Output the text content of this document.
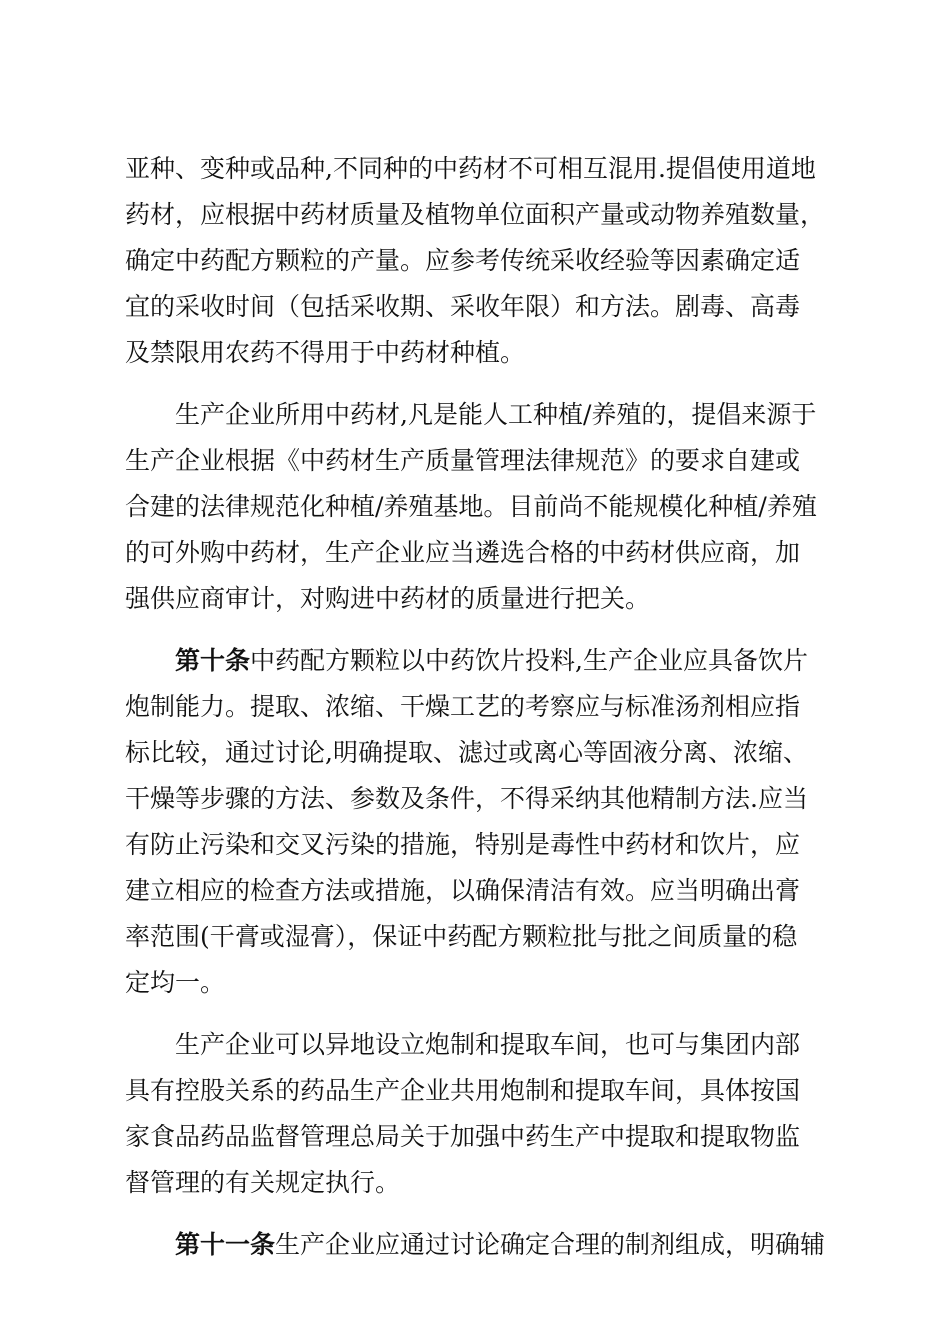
亚种、变种或品种,不同种的中药材不可相互混用.提倡使用道地
药材，应根据中药材质量及植物单位面积产量或动物养殖数量，
确定中药配方颗粒的产量。应参考传统采收经验等因素确定适
宜的采收时间（包括采收期、采收年限）和方法。剧毒、高毒
及禁限用农药不得用于中药材种植。
生产企业所用中药材,凡是能人工种植/养殖的，提倡来源于
生产企业根据《中药材生产质量管理法律规范》的要求自建或
合建的法律规范化种植/养殖基地。目前尚不能规模化种植/养殖
的可外购中药材，生产企业应当遴选合格的中药材供应商，加
强供应商审计，对购进中药材的质量进行把关。
第十条中药配方颗粒以中药饮片投料,生产企业应具备饮片
炮制能力。提取、浓缩、干燥工艺的考察应与标准汤剂相应指
标比较，通过讨论,明确提取、滤过或离心等固液分离、浓缩、
干燥等步骤的方法、参数及条件，不得采纳其他精制方法.应当
有防止污染和交叉污染的措施，特别是毒性中药材和饮片，应
建立相应的检查方法或措施，以确保清洁有效。应当明确出膏
率范围(干膏或湿膏），保证中药配方颗粒批与批之间质量的稳
定均一。
生产企业可以异地设立炮制和提取车间，也可与集团内部
具有控股关系的药品生产企业共用炮制和提取车间，具体按国
家食品药品监督管理总局关于加强中药生产中提取和提取物监
督管理的有关规定执行。
第十一条生产企业应通过讨论确定合理的制剂组成，明确辅
